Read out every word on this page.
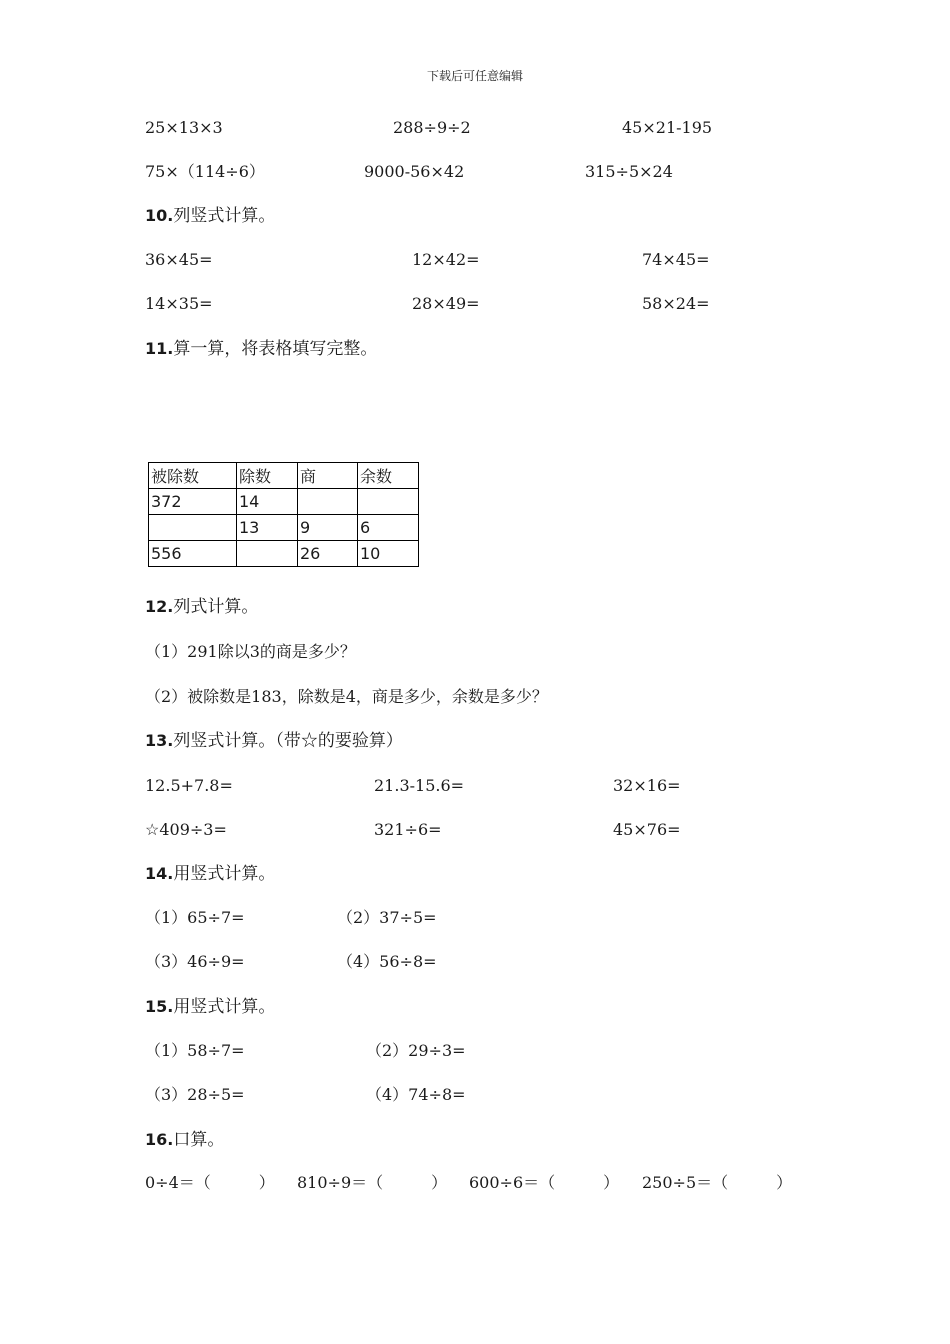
下载后可任意编辑
25×13×3	288÷9÷2	45×21-195
75×（114÷6）	9000-56×42	315÷5×24
10.列竖式计算。
36×45=	12×42=	74×45=
14×35=	28×49=	58×24=
11.算一算，将表格填写完整。
被除数	除数	商	余数
372	14		
	13	9	6
556		26	10
12.列式计算。
（1）291除以3的商是多少？
（2）被除数是183，除数是4，商是多少，余数是多少？
13.列竖式计算。（带☆的要验算）
12.5+7.8=	21.3-15.6=	32×16=
☆409÷3=	321÷6=	45×76=
14.用竖式计算。
（1）65÷7=	（2）37÷5=
（3）46÷9=	（4）56÷8=
15.用竖式计算。
（1）58÷7=	（2）29÷3=
（3）28÷5=	（4）74÷8=
16.口算。
0÷4＝（　　　） 810÷9＝（　　　） 600÷6＝（　　　） 250÷5＝（　　　）
